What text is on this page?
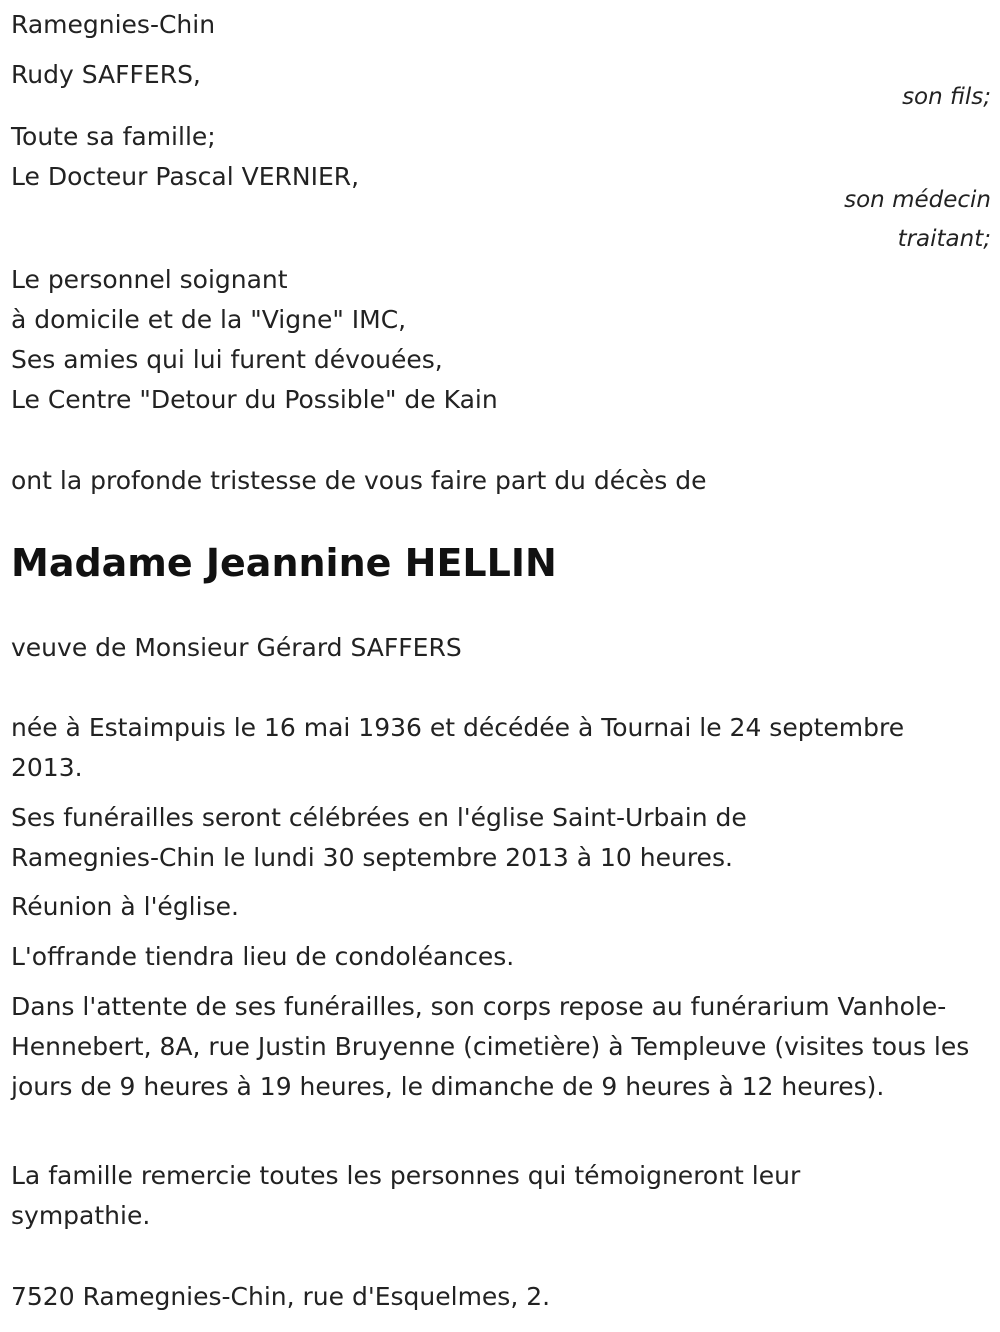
Ramegnies-Chin
Rudy SAFFERS,
son fils;
Toute sa famille;
Le Docteur Pascal VERNIER,
son médecin
traitant;
Le personnel soignant
à domicile et de la "Vigne" IMC,
Ses amies qui lui furent dévouées,
Le Centre "Detour du Possible" de Kain
ont la profonde tristesse de vous faire part du décès de
Madame Jeannine HELLIN
veuve de Monsieur Gérard SAFFERS
née à Estaimpuis le 16 mai 1936 et décédée à Tournai le 24 septembre 2013.
Ses funérailles seront célébrées en l'église Saint-Urbain de Ramegnies-Chin le lundi 30 septembre 2013 à 10 heures.
Réunion à l'église.
L'offrande tiendra lieu de condoléances.
Dans l'attente de ses funérailles, son corps repose au funérarium Vanhole-Hennebert, 8A, rue Justin Bruyenne (cimetière) à Templeuve (visites tous les jours de 9 heures à 19 heures, le dimanche de 9 heures à 12 heures).
La famille remercie toutes les personnes qui témoigneront leur sympathie.
7520 Ramegnies-Chin, rue d'Esquelmes, 2.
